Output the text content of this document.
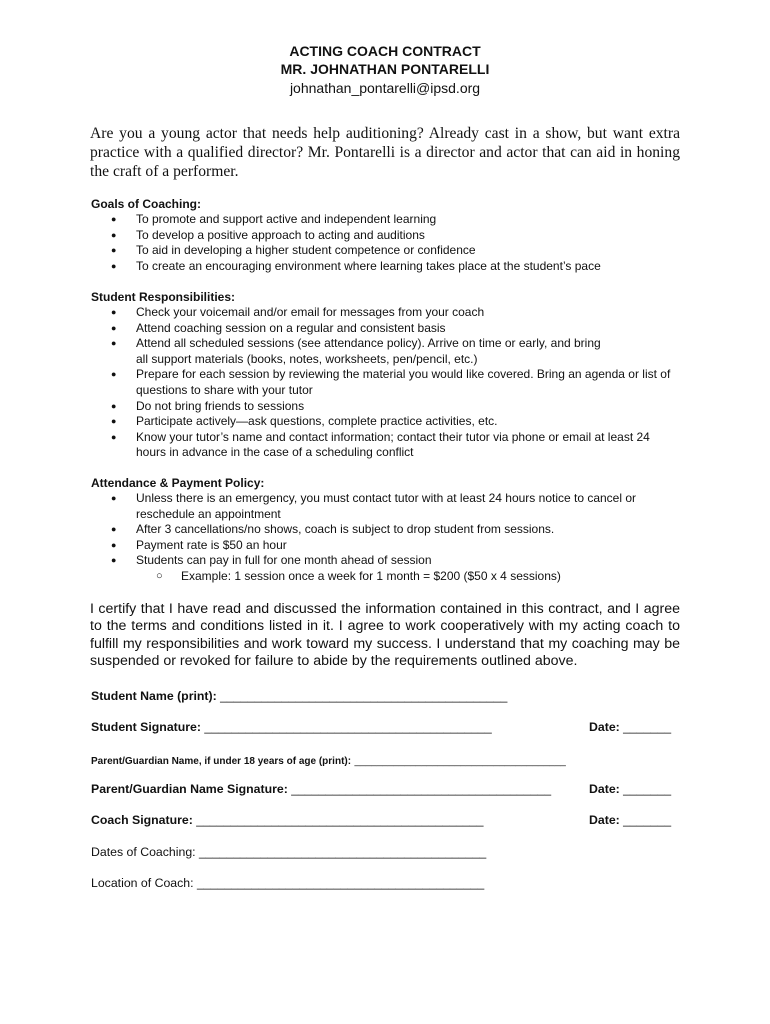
ACTING COACH CONTRACT
MR. JOHNATHAN PONTARELLI
johnathan_pontarelli@ipsd.org

Are you a young actor that needs help auditioning? Already cast in a show, but want extra practice with a qualified director? Mr. Pontarelli is a director and actor that can aid in honing the craft of a performer.

Goals of Coaching:
● To promote and support active and independent learning
● To develop a positive approach to acting and auditions
● To aid in developing a higher student competence or confidence
● To create an encouraging environment where learning takes place at the student’s pace
Student Responsibilities:
● Check your voicemail and/or email for messages from your coach
● Attend coaching session on a regular and consistent basis
● Attend all scheduled sessions (see attendance policy). Arrive on time or early, and bring all support materials (books, notes, worksheets, pen/pencil, etc.)
● Prepare for each session by reviewing the material you would like covered. Bring an agenda or list of questions to share with your tutor
● Do not bring friends to sessions
● Participate actively—ask questions, complete practice activities, etc.
● Know your tutor’s name and contact information; contact their tutor via phone or email at least 24 hours in advance in the case of a scheduling conflict
Attendance & Payment Policy:
● Unless there is an emergency, you must contact tutor with at least 24 hours notice to cancel or reschedule an appointment
● After 3 cancellations/no shows, coach is subject to drop student from sessions.
● Payment rate is $50 an hour
● Students can pay in full for one month ahead of session
○ Example: 1 session once a week for 1 month = $200 ($50 x 4 sessions)

I certify that I have read and discussed the information contained in this contract, and I agree to the terms and conditions listed in it. I agree to work cooperatively with my acting coach to fulfill my responsibilities and work toward my success. I understand that my coaching may be suspended or revoked for failure to abide by the requirements outlined above.

Student Name (print): __________________________________________
Student Signature: __________________________________________	Date: _______
Parent/Guardian Name, if under 18 years of age (print): ______________________________________
Parent/Guardian Name Signature: ______________________________________	Date: _______
Coach Signature: __________________________________________	Date: _______
Dates of Coaching: __________________________________________
Location of Coach: __________________________________________
